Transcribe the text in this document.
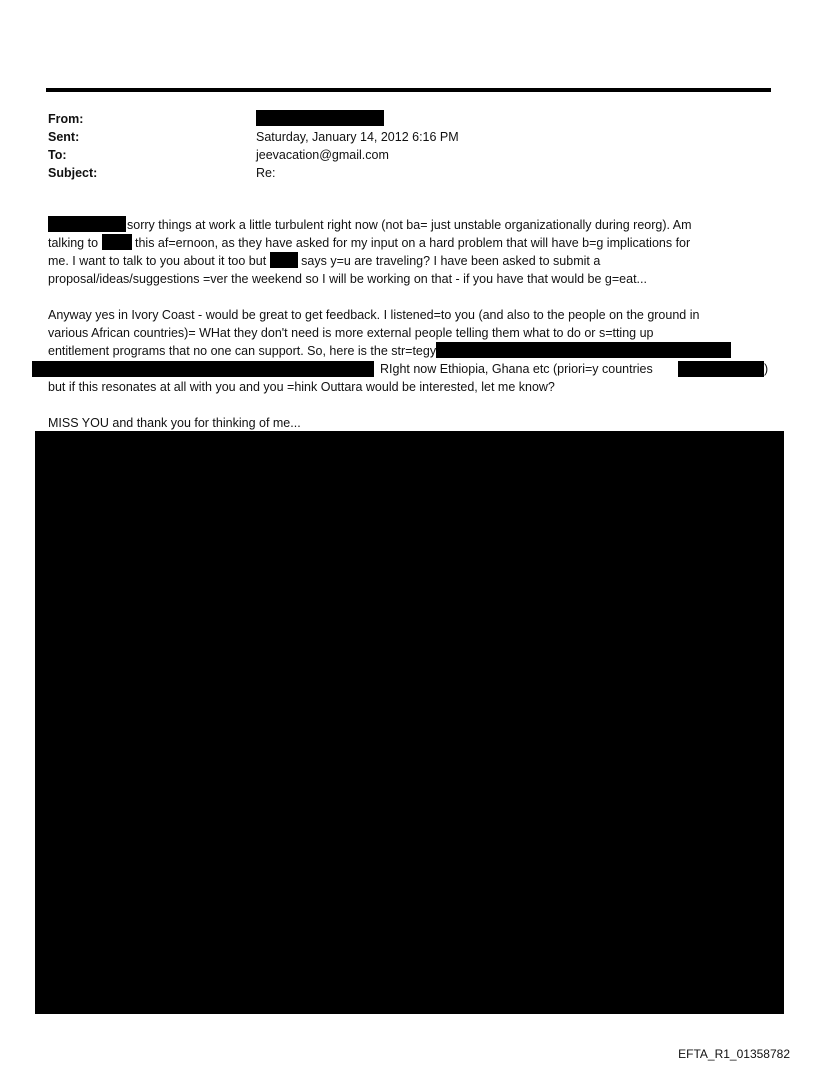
From:
Sent:	Saturday, January 14, 2012 6:16 PM
To:	jeevacation@gmail.com
Subject:	Re:
sorry things at work a little turbulent right now (not ba= just unstable organizationally during reorg). Am
talking to	this af=ernoon, as they have asked for my input on a hard problem that will have b=g implications for
me. I want to talk to you about it too but	says y=u are traveling? I have been asked to submit a
proposal/ideas/suggestions =ver the weekend so I will be working on that - if you have that would be g=eat...
Anyway yes in Ivory Coast - would be great to get feedback. I listened=to you (and also to the people on the ground in
various African countries)= WHat they don't need is more external people telling them what to do or s=tting up
entitlement programs that no one can support. So, here is the str=tegy
RIght now Ethiopia, Ghana etc (priori=y countries	)
but if this resonates at all with you and you =hink Outtara would be interested, let me know?
MISS YOU and thank you for thinking of me...
EFTA_R1_01358782
